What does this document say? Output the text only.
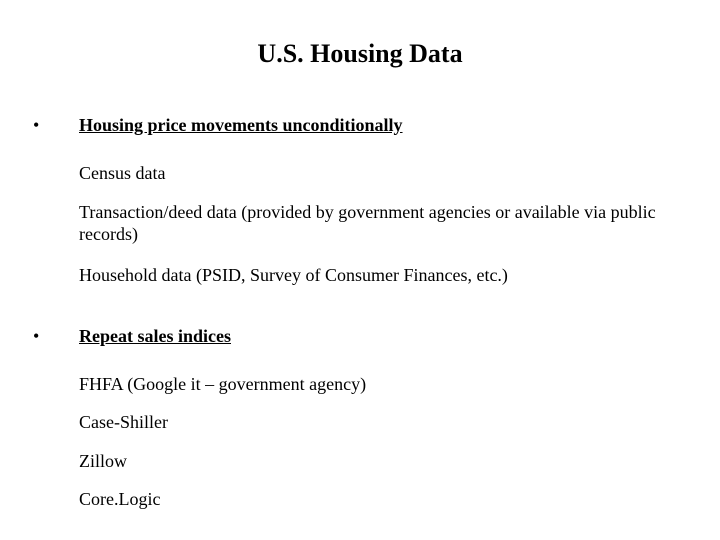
U.S. Housing Data
• Housing price movements unconditionally
Census data
Transaction/deed data (provided by government agencies or available via public records)
Household data (PSID, Survey of Consumer Finances, etc.)
• Repeat sales indices
FHFA (Google it – government agency)
Case-Shiller
Zillow
Core.Logic
